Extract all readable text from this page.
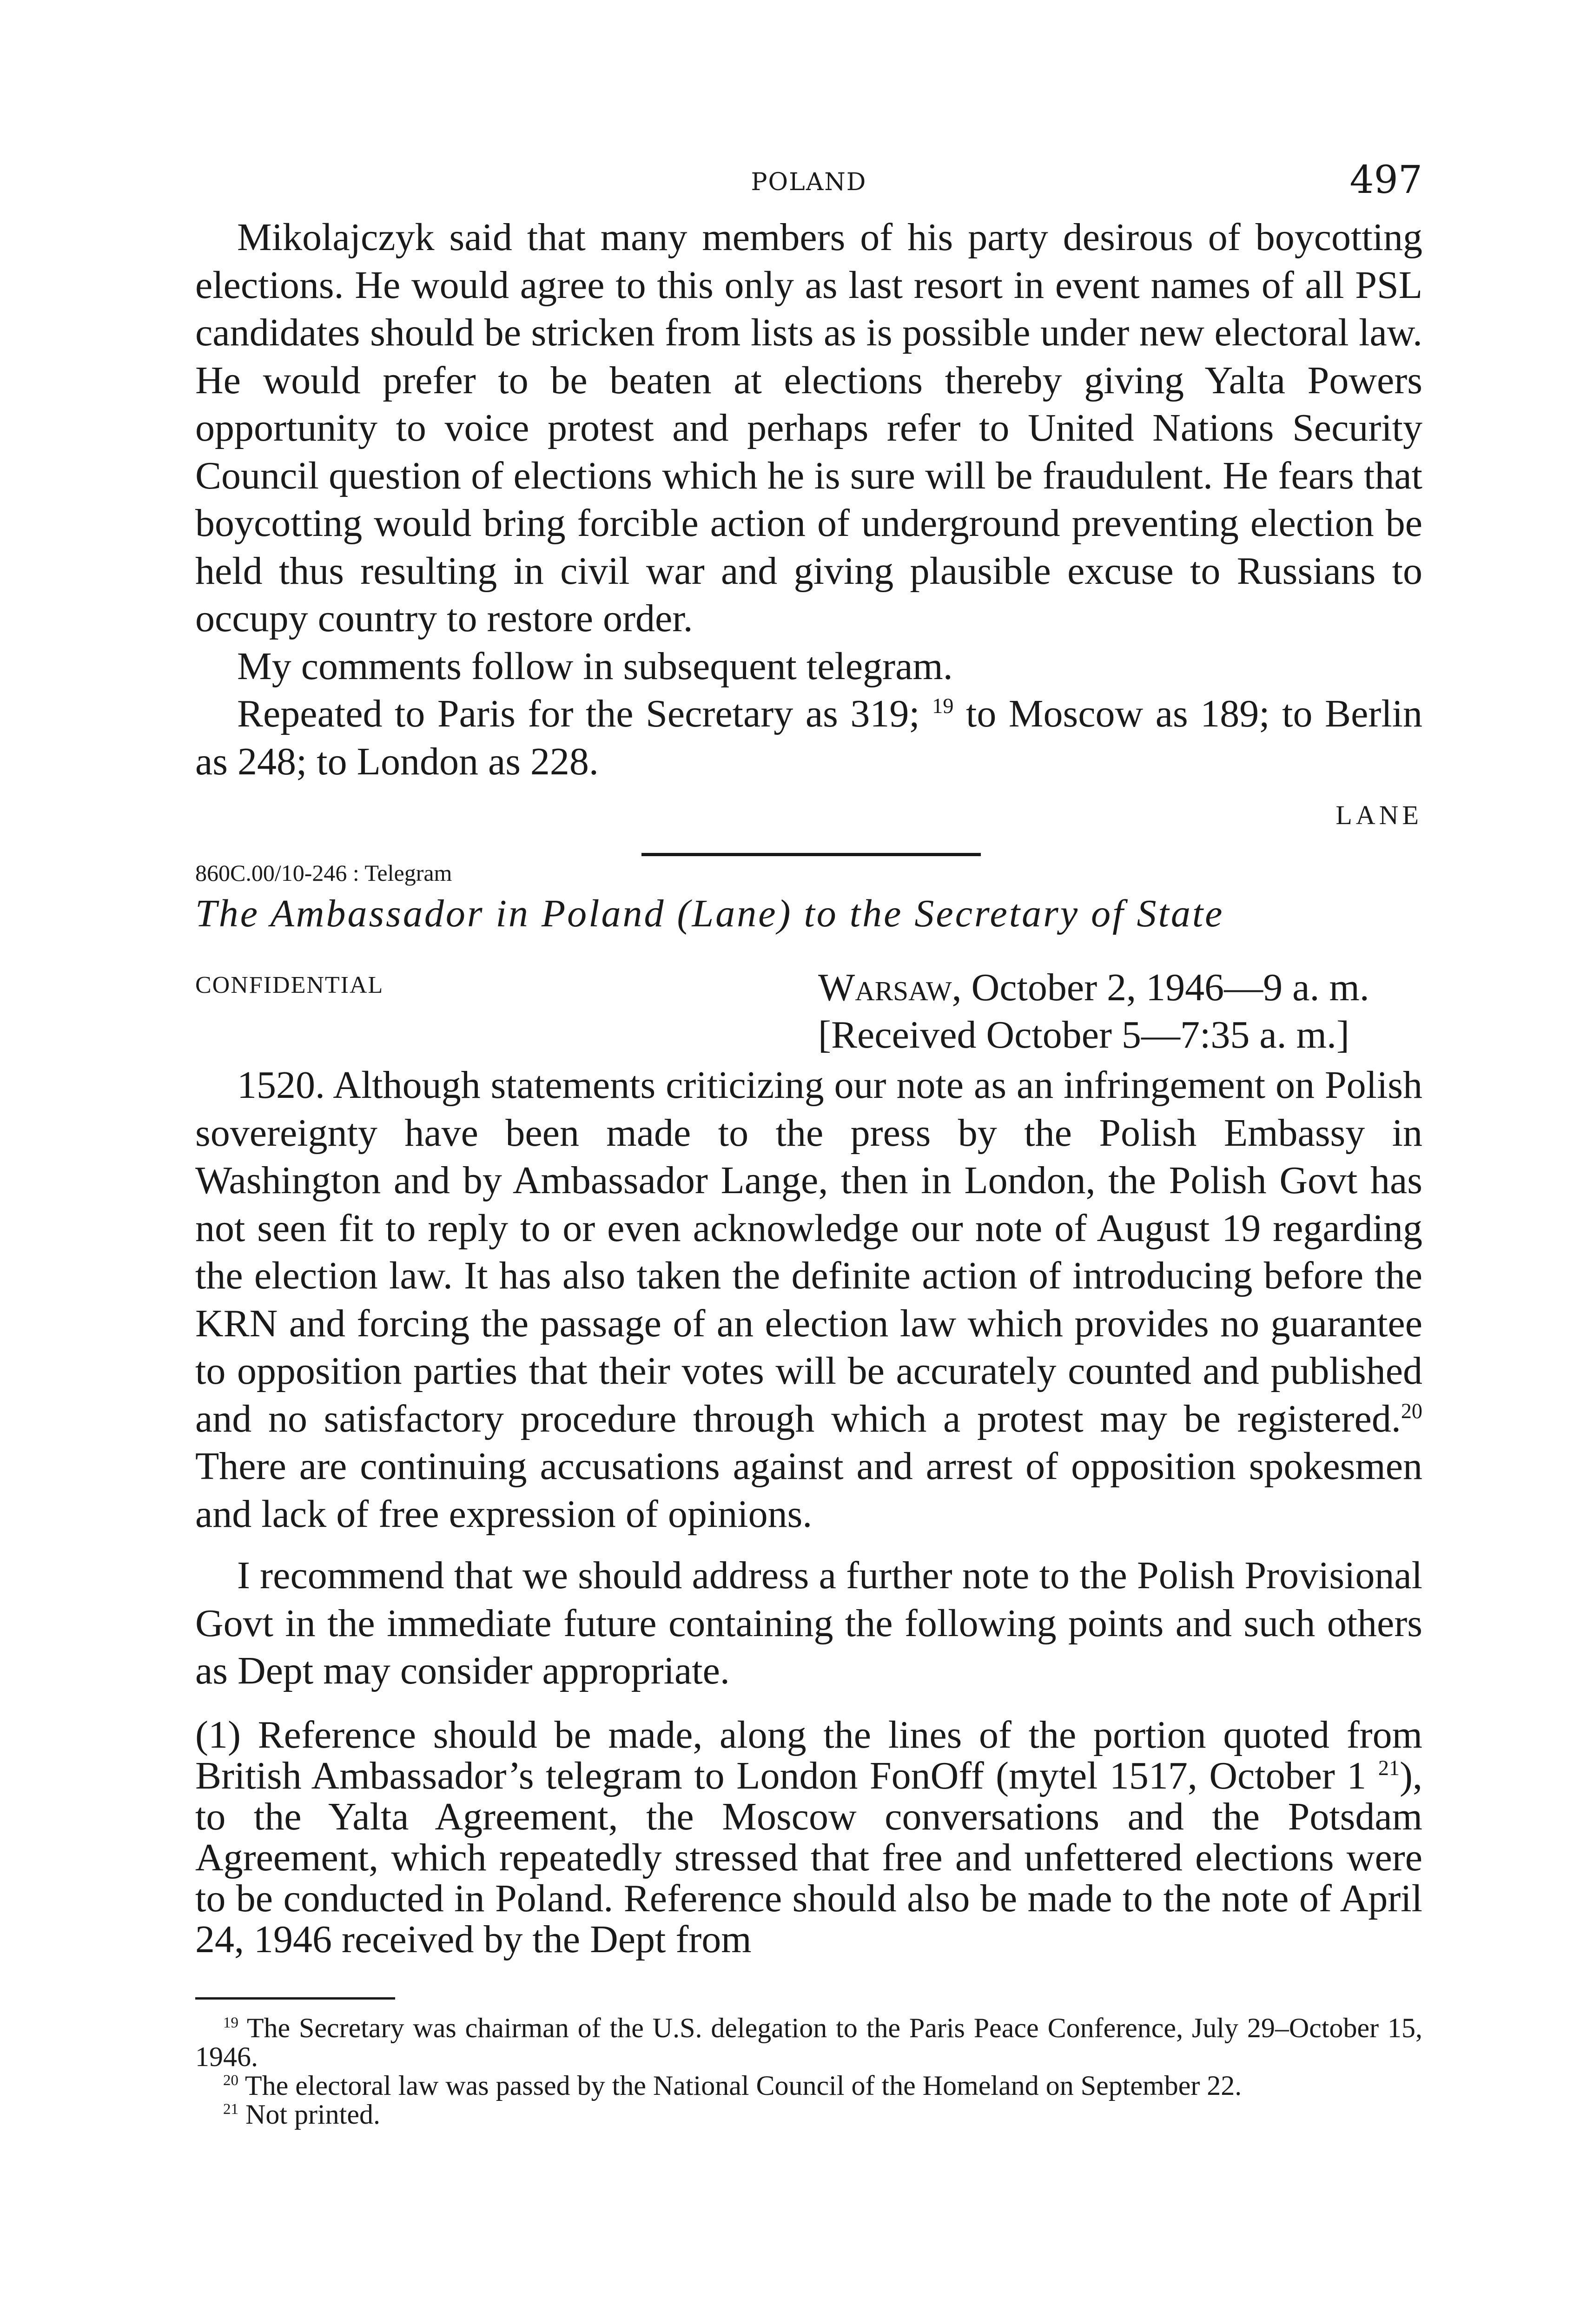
POLAND	497

Mikolajczyk said that many members of his party desirous of boycotting elections. He would agree to this only as last resort in event names of all PSL candidates should be stricken from lists as is possible under new electoral law. He would prefer to be beaten at elections thereby giving Yalta Powers opportunity to voice protest and perhaps refer to United Nations Security Council question of elections which he is sure will be fraudulent. He fears that boycotting would bring forcible action of underground preventing election be held thus resulting in civil war and giving plausible excuse to Russians to occupy country to restore order.

My comments follow in subsequent telegram.

Repeated to Paris for the Secretary as 319; $^{19}$ to Moscow as 189; to Berlin as 248; to London as 228.

LANE
860C.00/10-246 : Telegram
The Ambassador in Poland (Lane) to the Secretary of State
CONFIDENTIAL	Warsaw, October 2, 1946—9 a. m.
[Received October 5—7:35 a. m.]

1520. Although statements criticizing our note as an infringement on Polish sovereignty have been made to the press by the Polish Embassy in Washington and by Ambassador Lange, then in London, the Polish Govt has not seen fit to reply to or even acknowledge our note of August 19 regarding the election law. It has also taken the definite action of introducing before the KRN and forcing the passage of an election law which provides no guarantee to opposition parties that their votes will be accurately counted and published and no satisfactory procedure through which a protest may be registered.$^{20}$ There are continuing accusations against and arrest of opposition spokesmen and lack of free expression of opinions.

I recommend that we should address a further note to the Polish Provisional Govt in the immediate future containing the following points and such others as Dept may consider appropriate.

(1) Reference should be made, along the lines of the portion quoted from British Ambassador’s telegram to London FonOff (mytel 1517, October 1 $^{21}$), to the Yalta Agreement, the Moscow conversations and the Potsdam Agreement, which repeatedly stressed that free and unfettered elections were to be conducted in Poland. Reference should also be made to the note of April 24, 1946 received by the Dept from

$^{19}$ The Secretary was chairman of the U.S. delegation to the Paris Peace Conference, July 29–October 15, 1946.

$^{20}$ The electoral law was passed by the National Council of the Homeland on September 22.

$^{21}$ Not printed.
